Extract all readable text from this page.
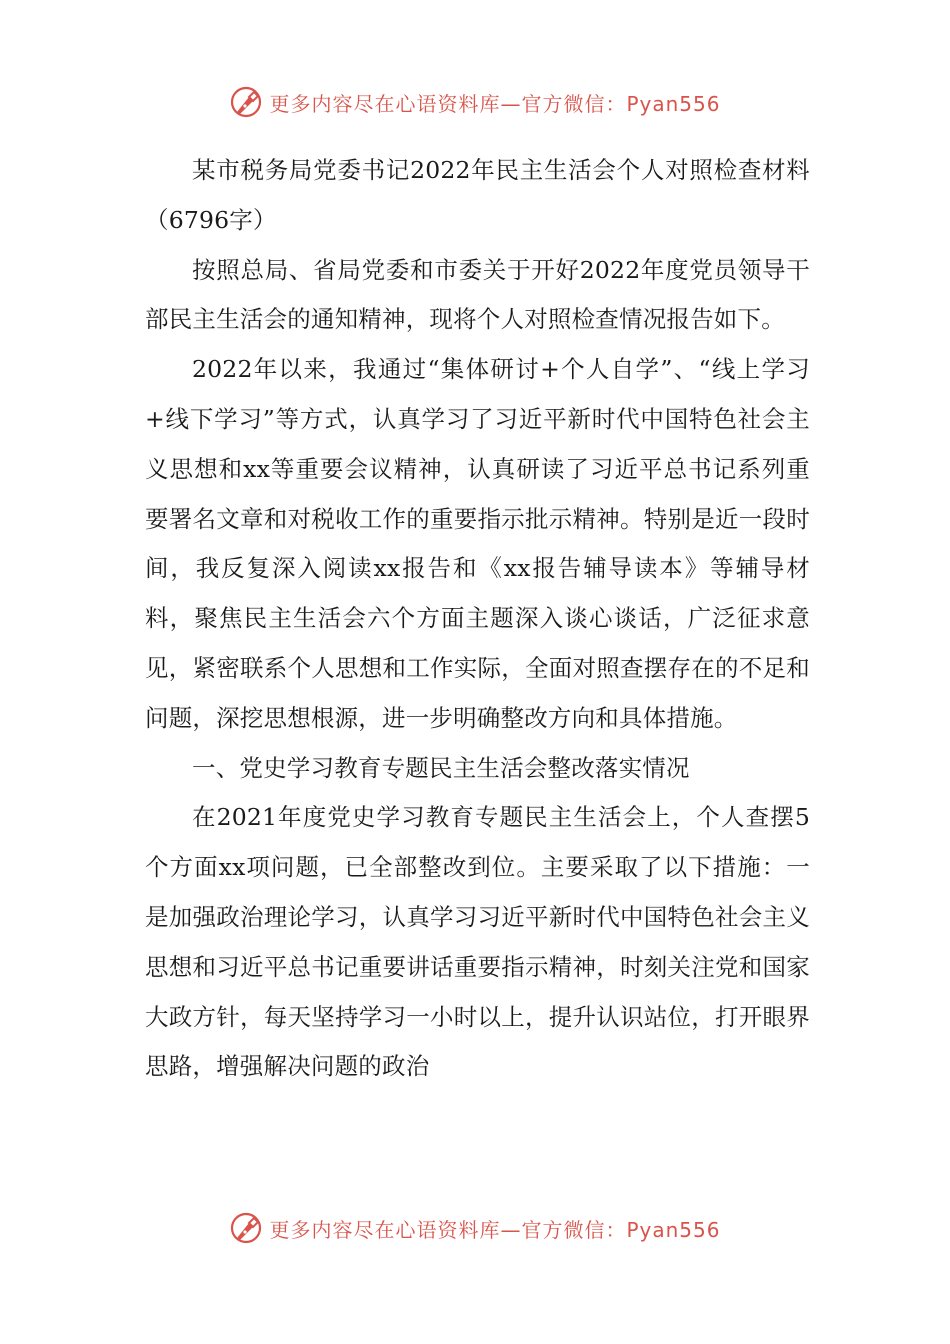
更多内容尽在心语资料库—官方微信：Pyan556

某市税务局党委书记2022年民主生活会个人对照检查材料（6796字）

按照总局、省局党委和市委关于开好2022年度党员领导干部民主生活会的通知精神，现将个人对照检查情况报告如下。

2022年以来，我通过“集体研讨+个人自学”、“线上学习+线下学习”等方式，认真学习了习近平新时代中国特色社会主义思想和xx等重要会议精神，认真研读了习近平总书记系列重要署名文章和对税收工作的重要指示批示精神。特别是近一段时间，我反复深入阅读xx报告和《xx报告辅导读本》等辅导材料，聚焦民主生活会六个方面主题深入谈心谈话，广泛征求意见，紧密联系个人思想和工作实际，全面对照查摆存在的不足和问题，深挖思想根源，进一步明确整改方向和具体措施。

一、党史学习教育专题民主生活会整改落实情况

在2021年度党史学习教育专题民主生活会上，个人查摆5个方面xx项问题，已全部整改到位。主要采取了以下措施：一是加强政治理论学习，认真学习习近平新时代中国特色社会主义思想和习近平总书记重要讲话重要指示精神，时刻关注党和国家大政方针，每天坚持学习一小时以上，提升认识站位，打开眼界思路，增强解决问题的政治

更多内容尽在心语资料库—官方微信：Pyan556
